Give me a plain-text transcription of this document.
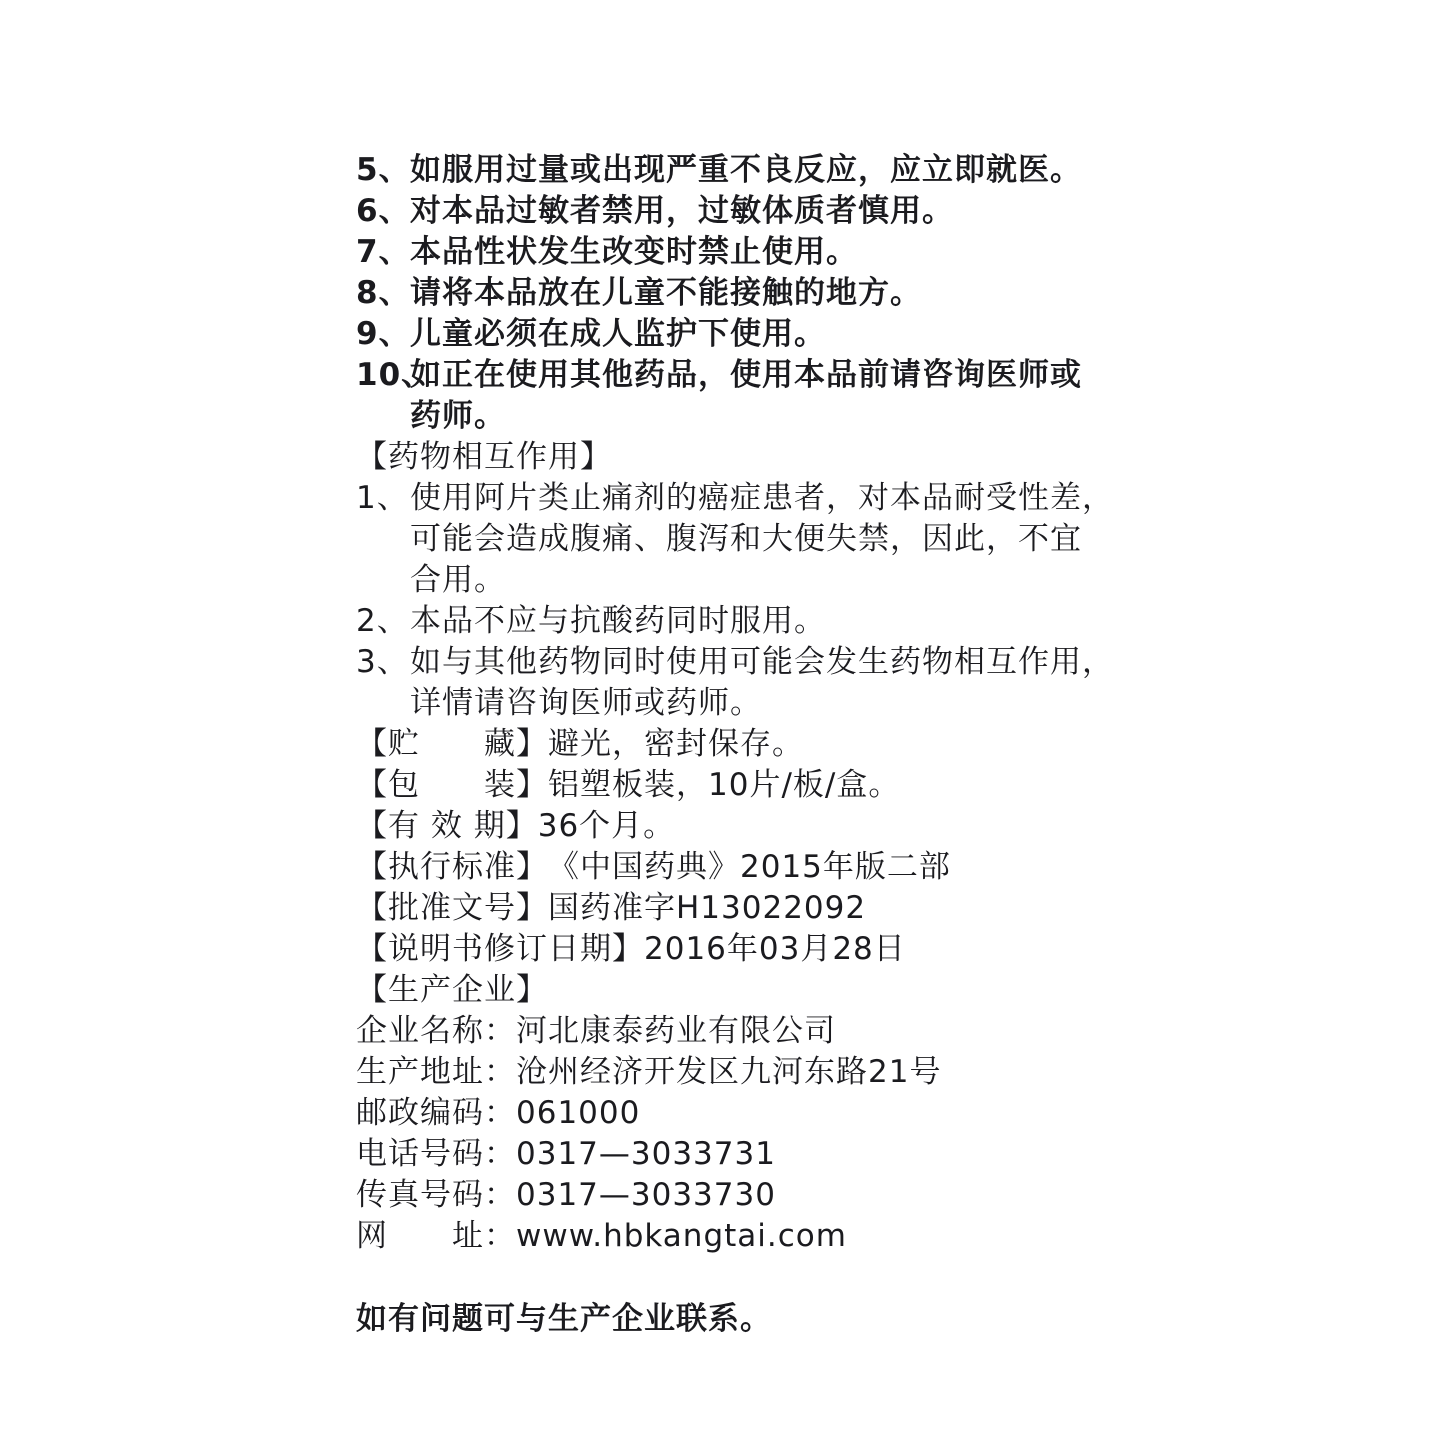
5、如服用过量或出现严重不良反应，应立即就医。
6、对本品过敏者禁用，过敏体质者慎用。
7、本品性状发生改变时禁止使用。
8、请将本品放在儿童不能接触的地方。
9、儿童必须在成人监护下使用。
10、如正在使用其他药品，使用本品前请咨询医师或
药师。
【药物相互作用】
1、使用阿片类止痛剂的癌症患者，对本品耐受性差，
可能会造成腹痛、腹泻和大便失禁，因此，不宜
合用。
2、本品不应与抗酸药同时服用。
3、如与其他药物同时使用可能会发生药物相互作用，
详情请咨询医师或药师。
【贮　　藏】避光，密封保存。
【包　　装】铝塑板装，10片/板/盒。
【有 效 期】36个月。
【执行标准】《中国药典》2015年版二部
【批准文号】国药准字H13022092
【说明书修订日期】2016年03月28日
【生产企业】
企业名称：河北康泰药业有限公司
生产地址：沧州经济开发区九河东路21号
邮政编码：061000
电话号码：0317—3033731
传真号码：0317—3033730
网　　址：www.hbkangtai.com
如有问题可与生产企业联系。
